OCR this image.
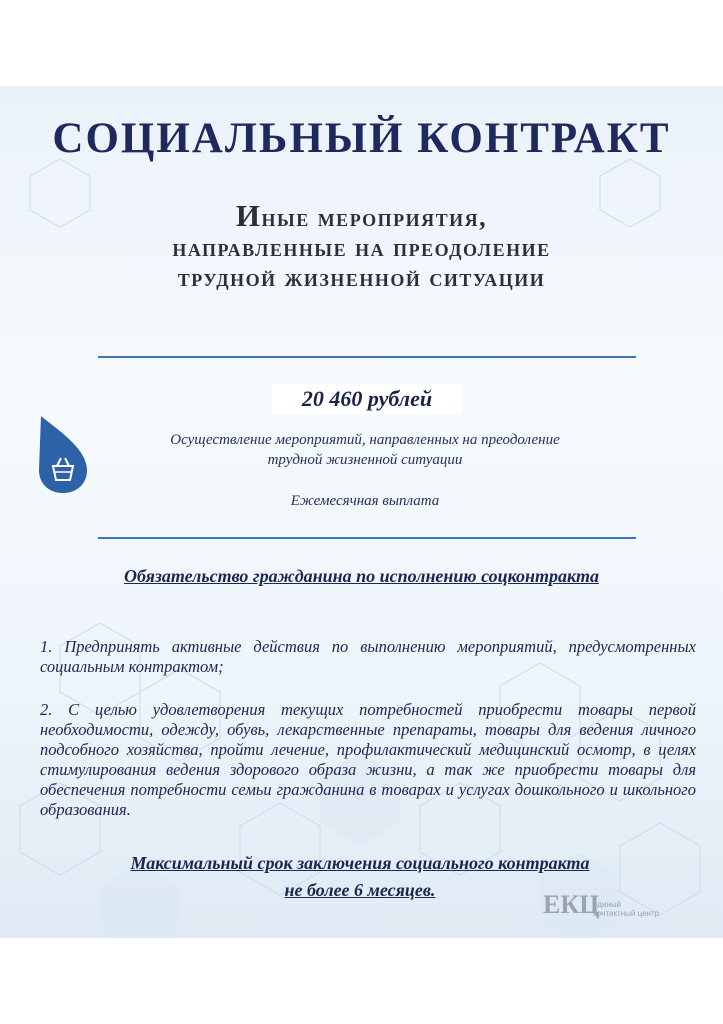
СОЦИАЛЬНЫЙ КОНТРАКТ
Иные мероприятия,
направленные на преодоление
трудной жизненной ситуации
20 460 рублей
Осуществление мероприятий, направленных на преодоление
трудной жизненной ситуации
Ежемесячная выплата
Обязательство гражданина по исполнению соцконтракта

1. Предпринять активные действия по выполнению мероприятий, предусмотренных социальным контрактом;

2. С целью удовлетворения текущих потребностей приобрести товары первой необходимости, одежду, обувь, лекарственные препараты, товары для ведения личного подсобного хозяйства, пройти лечение, профилактический медицинский осмотр, в целях стимулирования ведения здорового образа жизни, а так же приобрести товары для обеспечения потребности семьи гражданина в товарах и услугах дошкольного и школьного образования.

Максимальный срок заключения социального контракта
не более 6 месяцев.	ЕКЦ
единый
контактный центр
